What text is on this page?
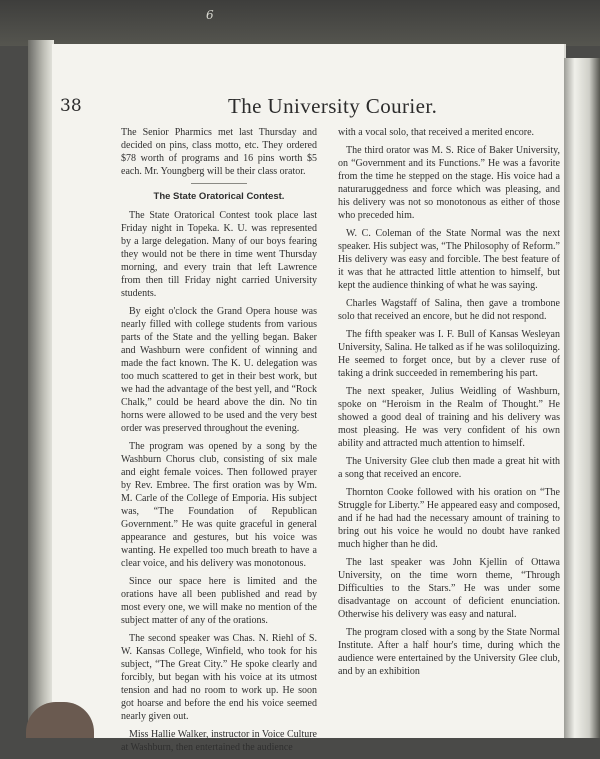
6
38	The University Courier.

The Senior Pharmics met last Thursday and decided on pins, class motto, etc. They ordered $78 worth of programs and 16 pins worth $5 each. Mr. Youngberg will be their class orator.

The State Oratorical Contest.

The State Oratorical Contest took place last Friday night in Topeka. K. U. was represented by a large delegation. Many of our boys fearing they would not be there in time went Thursday morning, and every train that left Lawrence from then till Friday night carried University students.

By eight o'clock the Grand Opera house was nearly filled with college students from various parts of the State and the yelling began. Baker and Washburn were confident of winning and made the fact known. The K. U. delegation was too much scattered to get in their best work, but we had the advantage of the best yell, and “Rock Chalk,” could be heard above the din. No tin horns were allowed to be used and the very best order was preserved throughout the evening.

The program was opened by a song by the Washburn Chorus club, consisting of six male and eight female voices. Then followed prayer by Rev. Embree. The first oration was by Wm. M. Carle of the College of Emporia. His subject was, “The Foundation of Republican Government.” He was quite graceful in general appearance and gestures, but his voice was wanting. He expelled too much breath to have a clear voice, and his delivery was monotonous.

Since our space here is limited and the orations have all been published and read by most every one, we will make no mention of the subject matter of any of the orations.

The second speaker was Chas. N. Riehl of S. W. Kansas College, Winfield, who took for his subject, “The Great City.” He spoke clearly and forcibly, but began with his voice at its utmost tension and had no room to work up. He soon got hoarse and before the end his voice seemed nearly given out.

Miss Hallie Walker, instructor in Voice Culture at Washburn, then entertained the audience

with a vocal solo, that received a merited encore.

The third orator was M. S. Rice of Baker University, on “Government and its Functions.” He was a favorite from the time he stepped on the stage. His voice had a naturaruggedness and force which was pleasing, and his delivery was not so monotonous as either of those who preceded him.

W. C. Coleman of the State Normal was the next speaker. His subject was, “The Philosophy of Reform.” His delivery was easy and forcible. The best feature of it was that he attracted little attention to himself, but kept the audience thinking of what he was saying.

Charles Wagstaff of Salina, then gave a trombone solo that received an encore, but he did not respond.

The fifth speaker was I. F. Bull of Kansas Wesleyan University, Salina. He talked as if he was soliloquizing. He seemed to forget once, but by a clever ruse of taking a drink succeeded in remembering his part.

The next speaker, Julius Weidling of Washburn, spoke on “Heroism in the Realm of Thought.” He showed a good deal of training and his delivery was most pleasing. He was very confident of his own ability and attracted much attention to himself.

The University Glee club then made a great hit with a song that received an encore.

Thornton Cooke followed with his oration on “The Struggle for Liberty.” He appeared easy and composed, and if he had had the necessary amount of training to bring out his voice he would no doubt have ranked much higher than he did.

The last speaker was John Kjellin of Ottawa University, on the time worn theme, “Through Difficulties to the Stars.” He was under some disadvantage on account of deficient enunciation. Otherwise his delivery was easy and natural.

The program closed with a song by the State Normal Institute. After a half hour's time, during which the audience were entertained by the University Glee club, and by an exhibition
